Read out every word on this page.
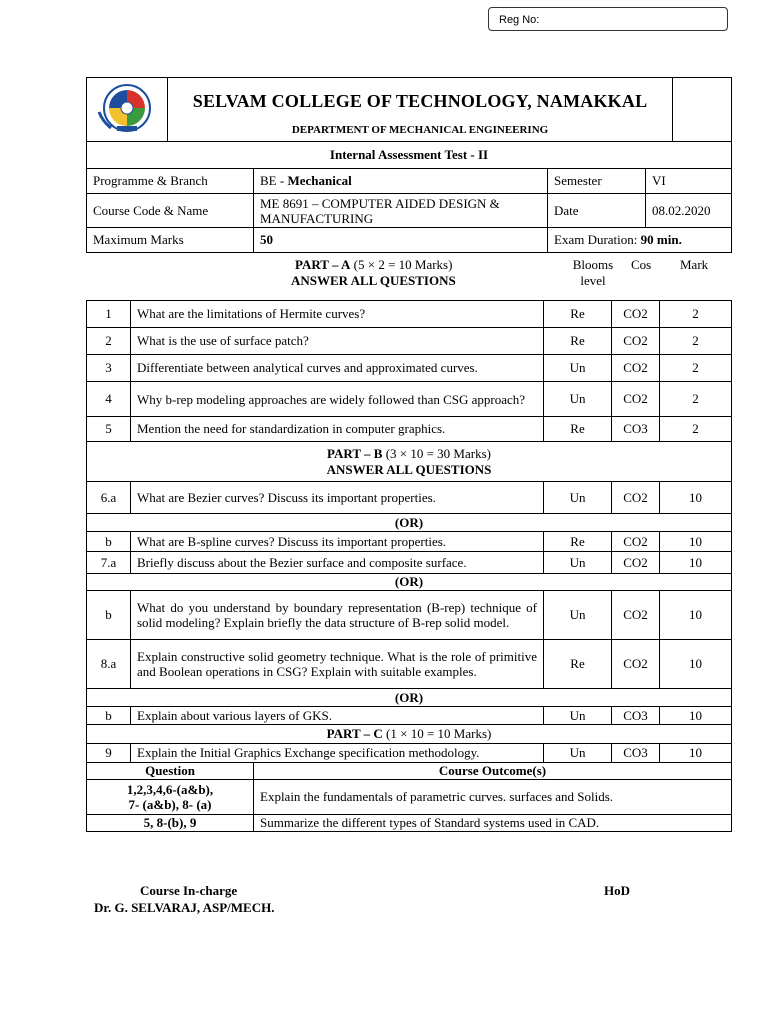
Reg No:

SELVAM COLLEGE OF TECHNOLOGY, NAMAKKAL
DEPARTMENT OF MECHANICAL ENGINEERING				

Internal Assessment Test - II					
Programme & Branch		BE - Mechanical	Semester	VI	
Course Code & Name		ME 8691 – COMPUTER AIDED DESIGN & MANUFACTURING	Date	08.02.2020	
Maximum Marks		50	Exam Duration: 90 min.		
PART – A (5 × 2 = 10 Marks)
ANSWER ALL QUESTIONS
Blooms level
Cos Mark
1	What are the limitations of Hermite curves?		Re	CO2	2
2	What is the use of surface patch?		Re	CO2	2
3	Differentiate between analytical curves and approximated curves.		Un	CO2	2
4	Why b-rep modeling approaches are widely followed than CSG approach?		Un	CO2	2
5	Mention the need for standardization in computer graphics.		Re	CO3	2
PART – B (3 × 10 = 30 Marks)
ANSWER ALL QUESTIONS					
6.a	What are Bezier curves? Discuss its important properties.		Un	CO2	10
(OR)					
b	What are B-spline curves? Discuss its important properties.		Re	CO2	10
7.a	Briefly discuss about the Bezier surface and composite surface.		Un	CO2	10
(OR)					
b	What do you understand by boundary representation (B-rep) technique of solid modeling? Explain briefly the data structure of B-rep solid model.		Un	CO2	10
8.a	Explain constructive solid geometry technique. What is the role of primitive and Boolean operations in CSG? Explain with suitable examples.		Re	CO2	10
(OR)					
b	Explain about various layers of GKS.		Un	CO3	10
PART – C (1 × 10 = 10 Marks)					
9	Explain the Initial Graphics Exchange specification methodology.		Un	CO3	10
Question		Course Outcome(s)			
1,2,3,4,6-(a&b),
7- (a&b), 8- (a)		Explain the fundamentals of parametric curves. surfaces and Solids.			
5, 8-(b), 9		Summarize the different types of Standard systems used in CAD.			
Course In-charge
Dr. G. SELVARAJ, ASP/MECH.
HoD
